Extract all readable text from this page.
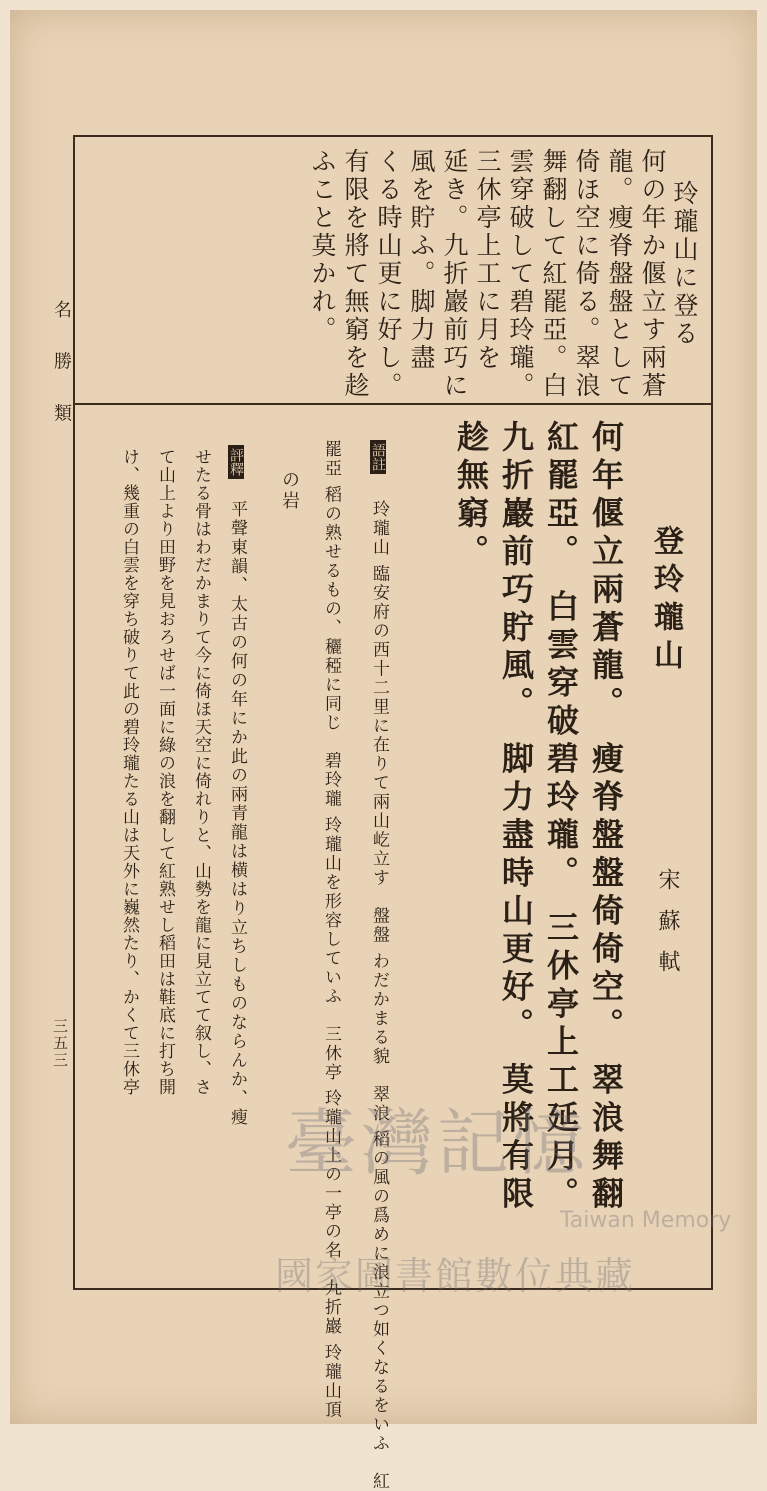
名 勝 類
三五三
玲瓏山に登る
何の年か偃立す兩蒼
龍。瘦脊盤盤として
倚ほ空に倚る。翠浪
舞翻して紅罷亞。白
雲穿破して碧玲瓏。
三休亭上工に月を
延き。九折巖前巧に
風を貯ふ。脚力盡
くる時山更に好し。
有限を將て無窮を趁
ふこと莫かれ。
登玲瓏山
宋 蘇 軾
何年偃立兩蒼龍。 瘦脊盤盤倚倚空。 翠浪舞翻
紅罷亞。 白雲穿破碧玲瓏。 三休亭上工延月。
九折巖前巧貯風。 脚力盡時山更好。 莫將有限
趁無窮。
語註
玲瓏山 臨安府の西十二里に在りて兩山屹立す　盤盤 わだかまる貌　翠浪 稻の風の爲めに浪立つ如くなるをいふ　紅
罷亞 稻の熟せるもの、穲稏に同じ　碧玲瓏 玲瓏山を形容していふ　三休亭 玲瓏山上の一亭の名　九折巖 玲瓏山頂
の岩
評釋
平聲東韻、太古の何の年にか此の兩青龍は横はり立ちしものならんか、瘦
せたる骨はわだかまりて今に倚ほ天空に倚れりと、山勢を龍に見立てて叙し、さ
て山上より田野を見おろせば一面に綠の浪を翻して紅熟せし稻田は鞋底に打ち開
け、幾重の白雲を穿ち破りて此の碧玲瓏たる山は天外に巍然たり、かくて三休亭
臺灣記憶
Taiwan Memory
國家圖書館數位典藏
